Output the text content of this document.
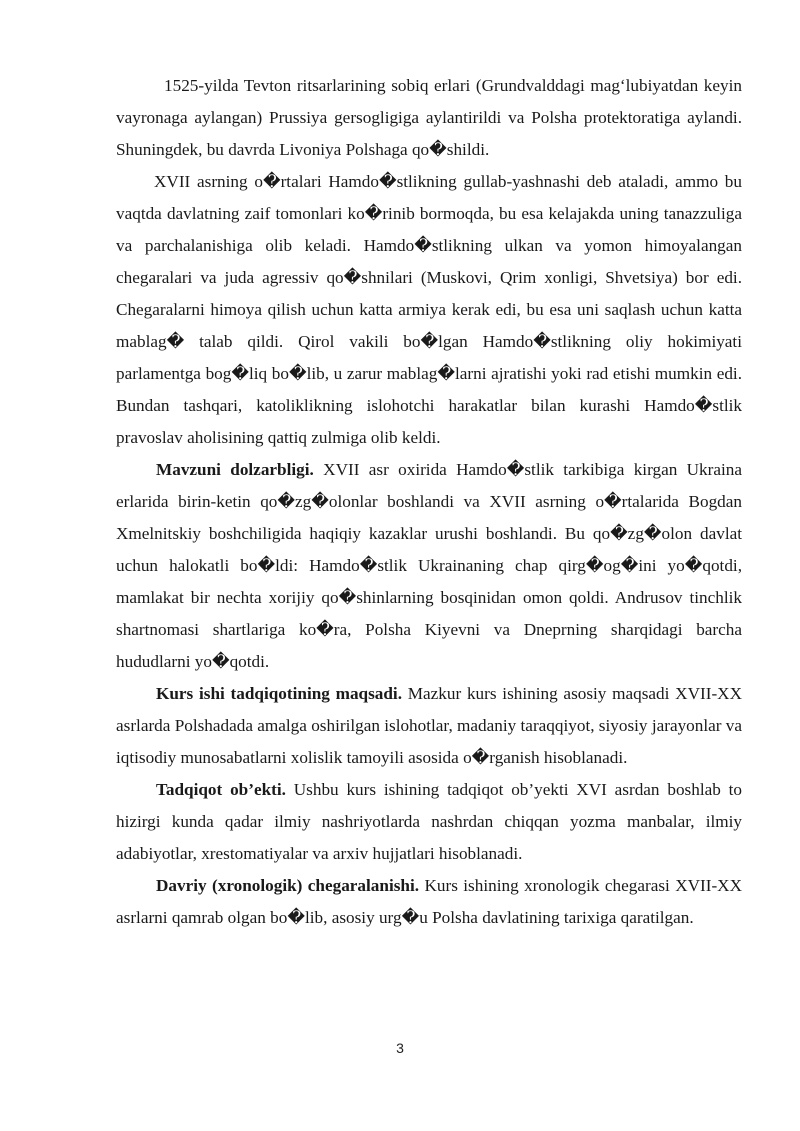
1525-yilda Tevton ritsarlarining sobiq erlari (Grundvalddagi mag‘lubiyatdan keyin vayronaga aylangan) Prussiya gersogligiga aylantirildi va Polsha protektoratiga aylandi. Shuningdek, bu davrda Livoniya Polshaga qo�shildi.

XVII asrning o�rtalari Hamdo�stlikning gullab-yashnashi deb ataladi, ammo bu vaqtda davlatning zaif tomonlari ko�rinib bormoqda, bu esa kelajakda uning tanazzuliga va parchalanishiga olib keladi. Hamdo�stlikning ulkan va yomon himoyalangan chegaralari va juda agressiv qo�shnilari (Muskovi, Qrim xonligi, Shvetsiya) bor edi. Chegaralarni himoya qilish uchun katta armiya kerak edi, bu esa uni saqlash uchun katta mablag� talab qildi. Qirol vakili bo�lgan Hamdo�stlikning oliy hokimiyati parlamentga bog�liq bo�lib, u zarur mablag�larni ajratishi yoki rad etishi mumkin edi. Bundan tashqari, katoliklikning islohotchi harakatlar bilan kurashi Hamdo�stlik pravoslav aholisining qattiq zulmiga olib keldi.

Mavzuni dolzarbligi. XVII asr oxirida Hamdo�stlik tarkibiga kirgan Ukraina erlarida birin-ketin qo�zg�olonlar boshlandi va XVII asrning o�rtalarida Bogdan Xmelnitskiy boshchiligida haqiqiy kazaklar urushi boshlandi. Bu qo�zg�olon davlat uchun halokatli bo�ldi: Hamdo�stlik Ukrainaning chap qirg�og�ini yo�qotdi, mamlakat bir nechta xorijiy qo�shinlarning bosqinidan omon qoldi. Andrusov tinchlik shartnomasi shartlariga ko�ra, Polsha Kiyevni va Dneprning sharqidagi barcha hududlarni yo�qotdi.

Kurs ishi tadqiqotining maqsadi. Mazkur kurs ishining asosiy maqsadi XVII-XX asrlarda Polshadada amalga oshirilgan islohotlar, madaniy taraqqiyot, siyosiy jarayonlar va iqtisodiy munosabatlarni xolislik tamoyili asosida o�rganish hisoblanadi.

Tadqiqot ob’ekti. Ushbu kurs ishining tadqiqot ob’yekti XVI asrdan boshlab to hizirgi kunda qadar ilmiy nashriyotlarda nashrdan chiqqan yozma manbalar, ilmiy adabiyotlar, xrestomatiyalar va arxiv hujjatlari hisoblanadi.

Davriy (xronologik) chegaralanishi. Kurs ishining xronologik chegarasi XVII-XX asrlarni qamrab olgan bo�lib, asosiy urg�u Polsha davlatining tarixiga qaratilgan.

3
